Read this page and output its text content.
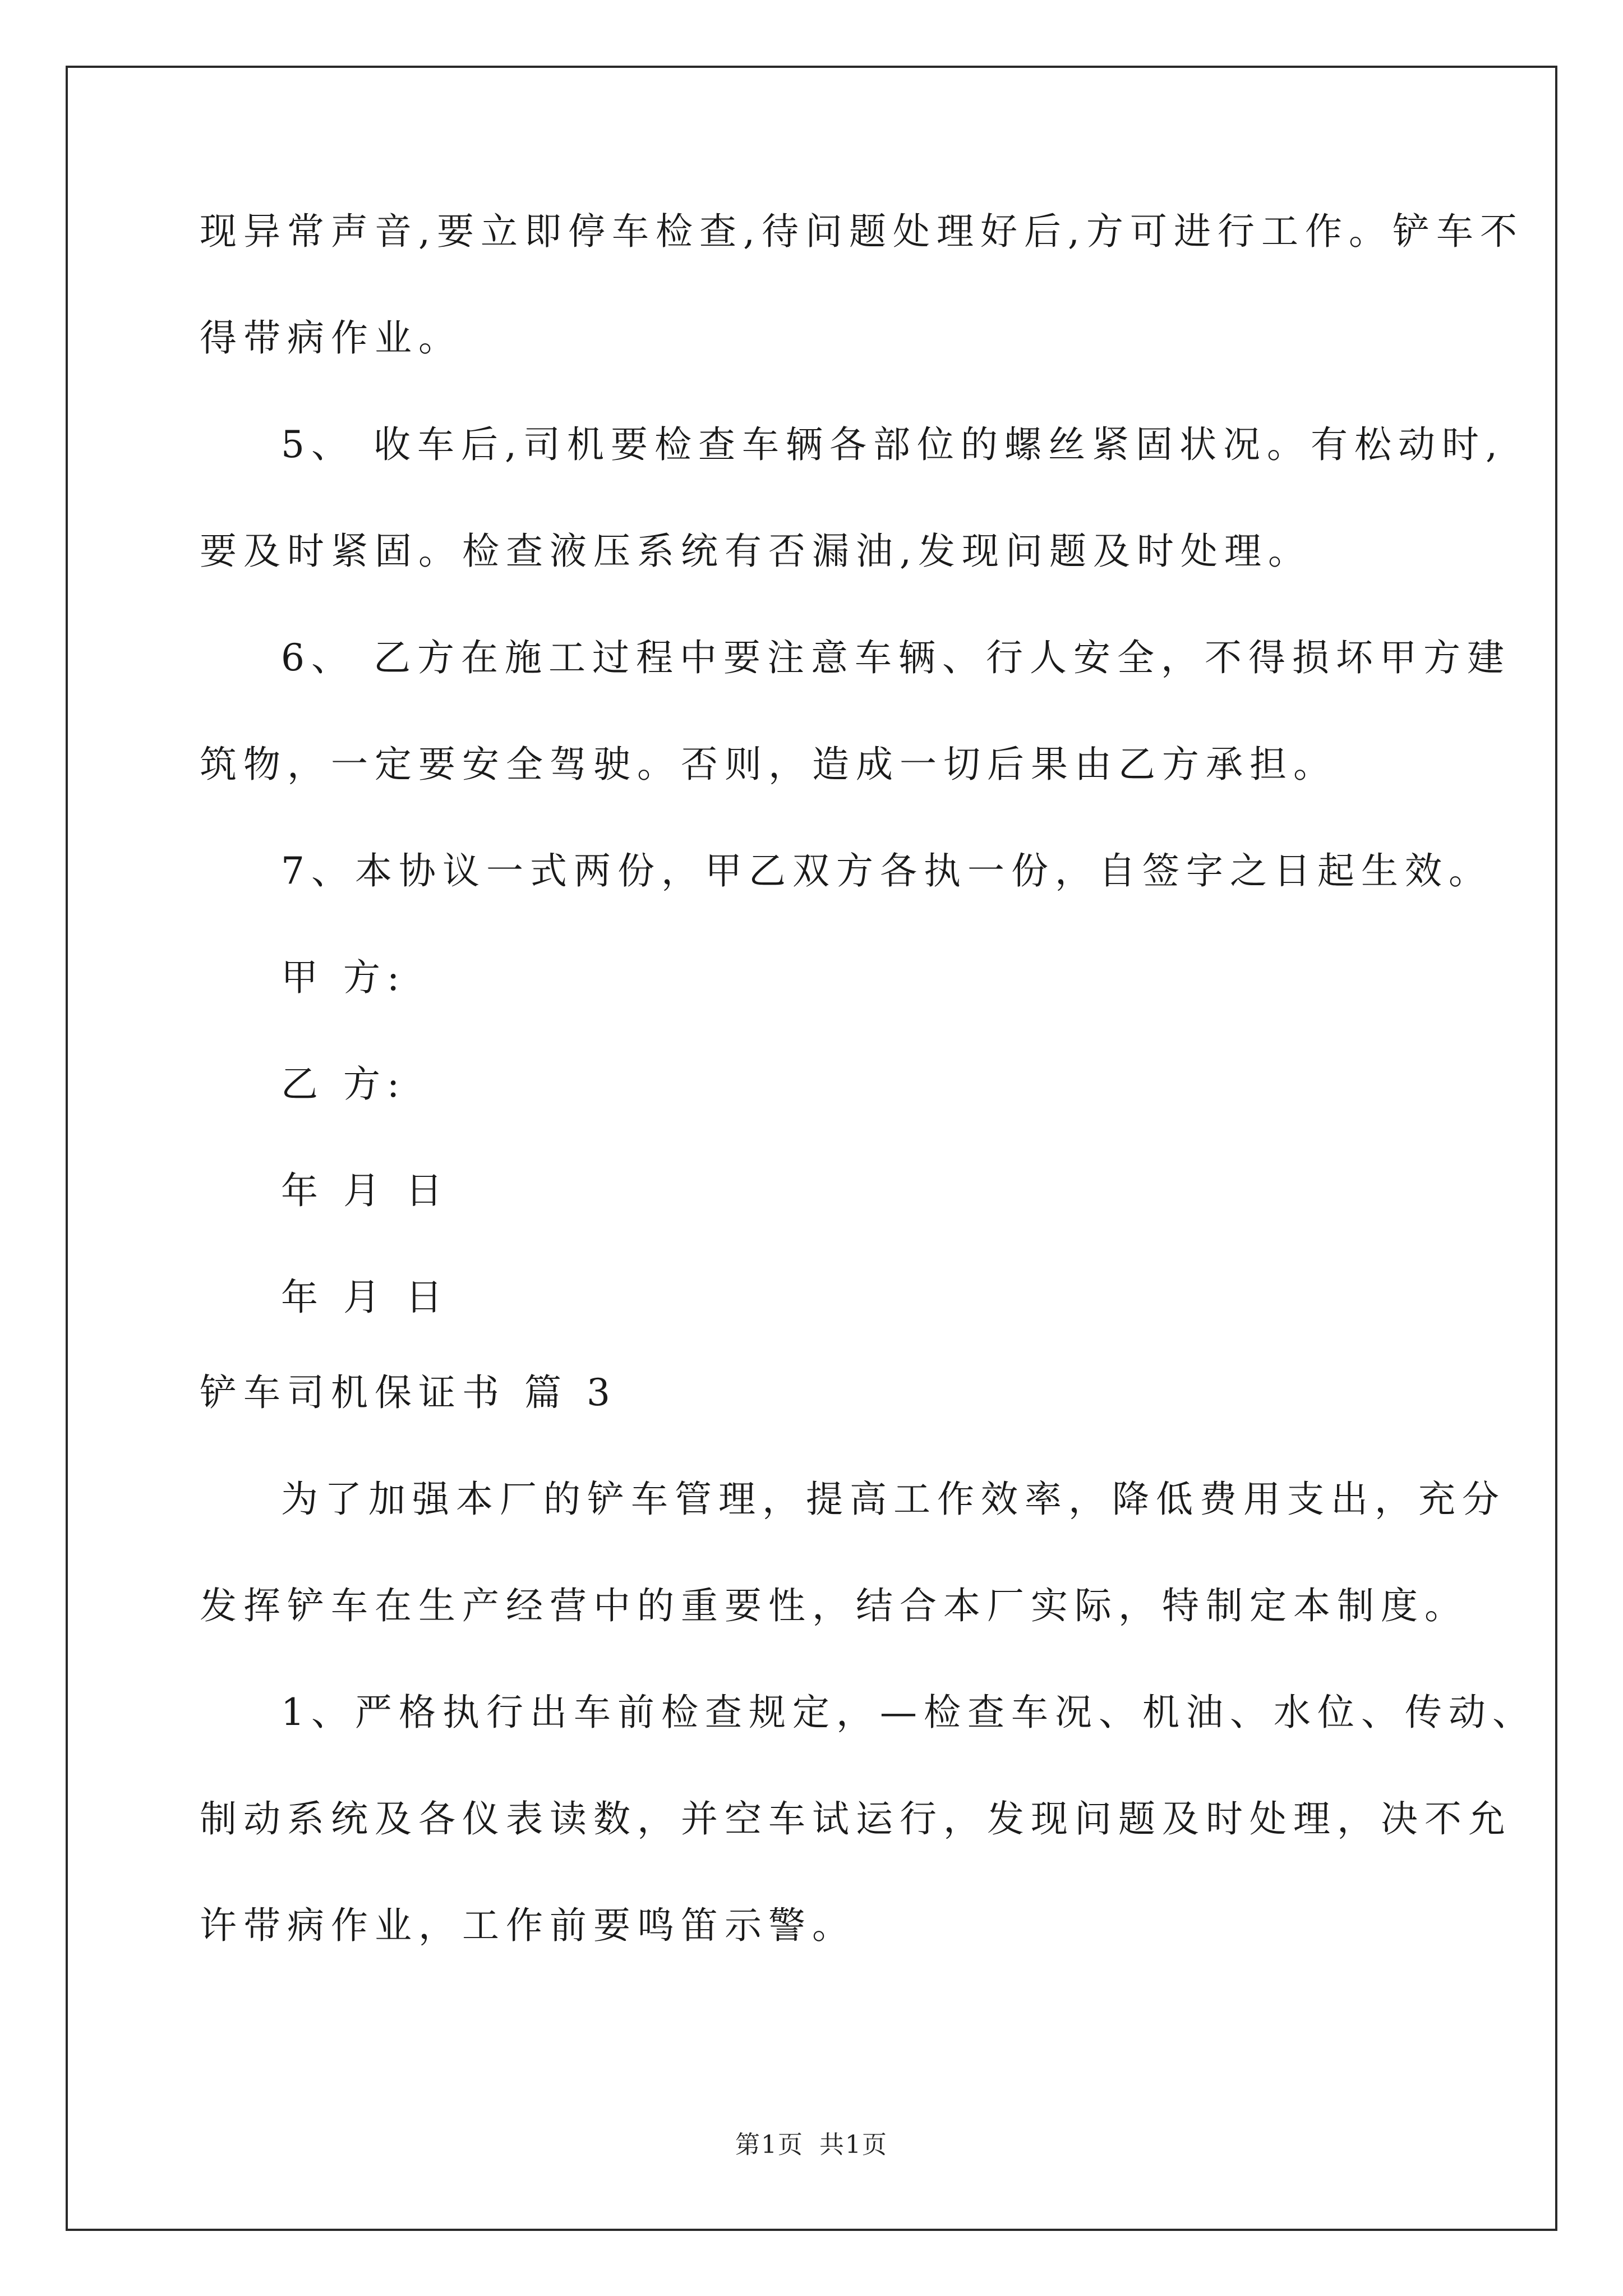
现异常声音,要立即停车检查,待问题处理好后,方可进行工作。铲车不
得带病作业。
5、 收车后,司机要检查车辆各部位的螺丝紧固状况。有松动时,
要及时紧固。检查液压系统有否漏油,发现问题及时处理。
6、 乙方在施工过程中要注意车辆、行人安全，不得损坏甲方建
筑物，一定要安全驾驶。否则，造成一切后果由乙方承担。
7、本协议一式两份，甲乙双方各执一份，自签字之日起生效。
甲 方:
乙 方:
年 月 日
年 月 日
铲车司机保证书 篇 3
为了加强本厂的铲车管理，提高工作效率，降低费用支出，充分
发挥铲车在生产经营中的重要性，结合本厂实际，特制定本制度。
1、严格执行出车前检查规定，—检查车况、机油、水位、传动、
制动系统及各仪表读数，并空车试运行，发现问题及时处理，决不允
许带病作业，工作前要鸣笛示警。
第1页 共1页
